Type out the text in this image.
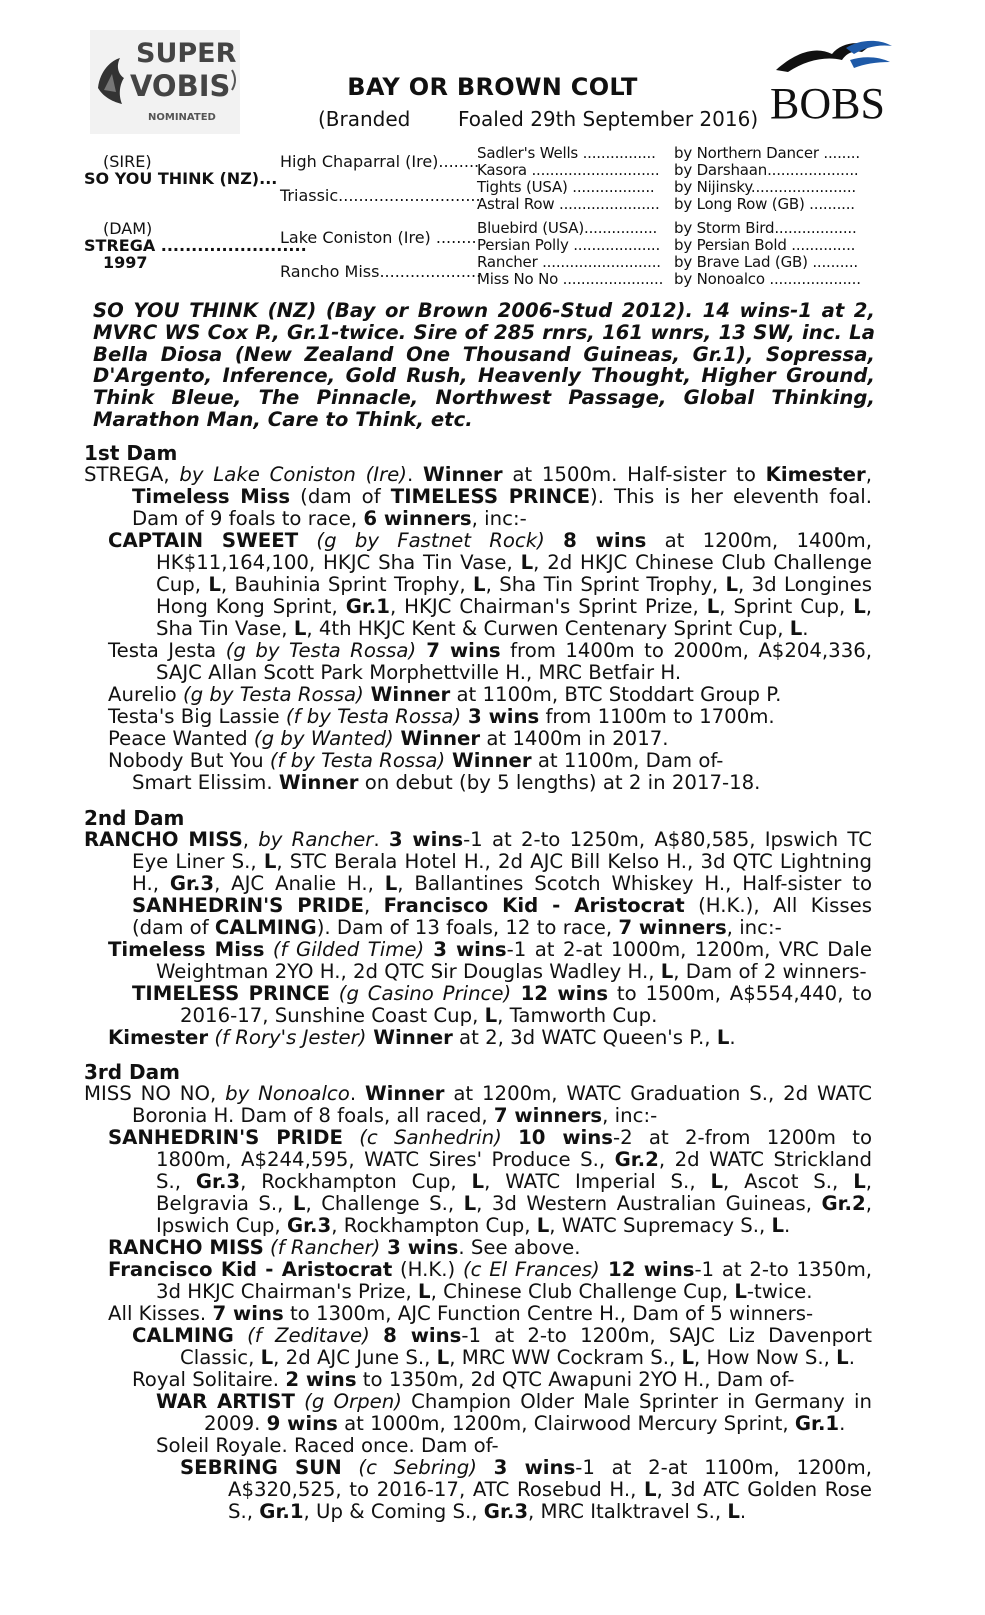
SUPER
VOBIS
NOMINATED	BOBS
BAY OR BROWN COLT
(Branded Foaled 29th September 2016)
(SIRE)
SO YOU THINK (NZ)...
(DAM)
STREGA ........................
1997
High Chaparral (Ire)........
Triassic............................
Lake Coniston (Ire) ........
Rancho Miss....................
Sadler's Wells ................
Kasora ............................
Tights (USA) ..................
Astral Row ......................
Bluebird (USA)................
Persian Polly ...................
Rancher ..........................
Miss No No ......................
by Northern Dancer ........
by Darshaan....................
by Nijinsky.......................
by Long Row (GB) ..........
by Storm Bird..................
by Persian Bold ..............
by Brave Lad (GB) ..........
by Nonoalco ....................
SO YOU THINK (NZ) (Bay or Brown 2006-Stud 2012). 14 wins-1 at 2, MVRC WS Cox P., Gr.1-twice. Sire of 285 rnrs, 161 wnrs, 13 SW, inc. La Bella Diosa (New Zealand One Thousand Guineas, Gr.1), Sopressa, D'Argento, Inference, Gold Rush, Heavenly Thought, Higher Ground, Think Bleue, The Pinnacle, Northwest Passage, Global Thinking, Marathon Man, Care to Think, etc.
1st Dam
STREGA, by Lake Coniston (Ire). Winner at 1500m. Half-sister to Kimester,
Timeless Miss (dam of TIMELESS PRINCE). This is her eleventh foal.
Dam of 9 foals to race, 6 winners, inc:-
CAPTAIN SWEET (g by Fastnet Rock) 8 wins at 1200m, 1400m,
HK$11,164,100, HKJC Sha Tin Vase, L, 2d HKJC Chinese Club Challenge
Cup, L, Bauhinia Sprint Trophy, L, Sha Tin Sprint Trophy, L, 3d Longines
Hong Kong Sprint, Gr.1, HKJC Chairman's Sprint Prize, L, Sprint Cup, L,
Sha Tin Vase, L, 4th HKJC Kent & Curwen Centenary Sprint Cup, L.
Testa Jesta (g by Testa Rossa) 7 wins from 1400m to 2000m, A$204,336,
SAJC Allan Scott Park Morphettville H., MRC Betfair H.
Aurelio (g by Testa Rossa) Winner at 1100m, BTC Stoddart Group P.
Testa's Big Lassie (f by Testa Rossa) 3 wins from 1100m to 1700m.
Peace Wanted (g by Wanted) Winner at 1400m in 2017.
Nobody But You (f by Testa Rossa) Winner at 1100m, Dam of-
Smart Elissim. Winner on debut (by 5 lengths) at 2 in 2017-18.
2nd Dam
RANCHO MISS, by Rancher. 3 wins-1 at 2-to 1250m, A$80,585, Ipswich TC
Eye Liner S., L, STC Berala Hotel H., 2d AJC Bill Kelso H., 3d QTC Lightning
H., Gr.3, AJC Analie H., L, Ballantines Scotch Whiskey H., Half-sister to
SANHEDRIN'S PRIDE, Francisco Kid - Aristocrat (H.K.), All Kisses
(dam of CALMING). Dam of 13 foals, 12 to race, 7 winners, inc:-
Timeless Miss (f Gilded Time) 3 wins-1 at 2-at 1000m, 1200m, VRC Dale
Weightman 2YO H., 2d QTC Sir Douglas Wadley H., L, Dam of 2 winners-
TIMELESS PRINCE (g Casino Prince) 12 wins to 1500m, A$554,440, to
2016-17, Sunshine Coast Cup, L, Tamworth Cup.
Kimester (f Rory's Jester) Winner at 2, 3d WATC Queen's P., L.
3rd Dam
MISS NO NO, by Nonoalco. Winner at 1200m, WATC Graduation S., 2d WATC
Boronia H. Dam of 8 foals, all raced, 7 winners, inc:-
SANHEDRIN'S PRIDE (c Sanhedrin) 10 wins-2 at 2-from 1200m to
1800m, A$244,595, WATC Sires' Produce S., Gr.2, 2d WATC Strickland
S., Gr.3, Rockhampton Cup, L, WATC Imperial S., L, Ascot S., L,
Belgravia S., L, Challenge S., L, 3d Western Australian Guineas, Gr.2,
Ipswich Cup, Gr.3, Rockhampton Cup, L, WATC Supremacy S., L.
RANCHO MISS (f Rancher) 3 wins. See above.
Francisco Kid - Aristocrat (H.K.) (c El Frances) 12 wins-1 at 2-to 1350m,
3d HKJC Chairman's Prize, L, Chinese Club Challenge Cup, L-twice.
All Kisses. 7 wins to 1300m, AJC Function Centre H., Dam of 5 winners-
CALMING (f Zeditave) 8 wins-1 at 2-to 1200m, SAJC Liz Davenport
Classic, L, 2d AJC June S., L, MRC WW Cockram S., L, How Now S., L.
Royal Solitaire. 2 wins to 1350m, 2d QTC Awapuni 2YO H., Dam of-
WAR ARTIST (g Orpen) Champion Older Male Sprinter in Germany in
2009. 9 wins at 1000m, 1200m, Clairwood Mercury Sprint, Gr.1.
Soleil Royale. Raced once. Dam of-
SEBRING SUN (c Sebring) 3 wins-1 at 2-at 1100m, 1200m,
A$320,525, to 2016-17, ATC Rosebud H., L, 3d ATC Golden Rose
S., Gr.1, Up & Coming S., Gr.3, MRC Italktravel S., L.
